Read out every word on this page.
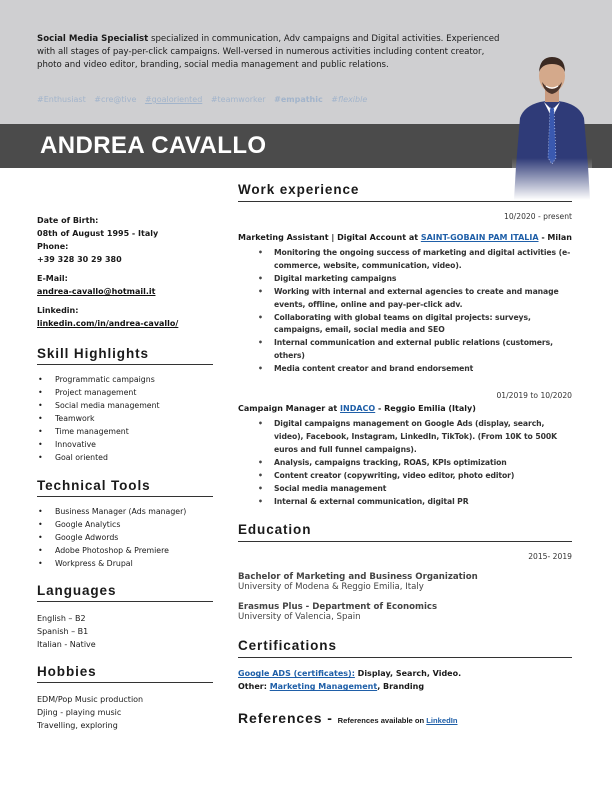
Social Media Specialist specialized in communication, Adv campaigns and Digital activities. Experienced with all stages of pay-per-click campaigns. Well-versed in numerous activities including content creator, photo and video editor, branding, social media management and public relations.
#Enthusiast #cre@tive #goaloriented #teamworker #empathic #flexible
ANDREA CAVALLO
Date of Birth:
08th of August 1995 - Italy
Phone:
+39 328 30 29 380
E-Mail:
andrea-cavallo@hotmail.it
Linkedin:
linkedin.com/in/andrea-cavallo/
Skill Highlights
• Programmatic campaigns
• Project management
• Social media management
• Teamwork
• Time management
• Innovative
• Goal oriented
Technical Tools
• Business Manager (Ads manager)
• Google Analytics
• Google Adwords
• Adobe Photoshop & Premiere
• Workpress & Drupal
Languages
English – B2
Spanish – B1
Italian - Native
Hobbies
EDM/Pop Music production
Djing - playing music
Travelling, exploring
Work experience
10/2020 - present
Marketing Assistant | Digital Account at SAINT-GOBAIN PAM ITALIA - Milan
• Monitoring the ongoing success of marketing and digital activities (e-commerce, website, communication, video).
• Digital marketing campaigns
• Working with internal and external agencies to create and manage events, offline, online and pay-per-click adv.
• Collaborating with global teams on digital projects: surveys, campaigns, email, social media and SEO
• Internal communication and external public relations (customers, others)
• Media content creator and brand endorsement
01/2019 to 10/2020
Campaign Manager at INDACO - Reggio Emilia (Italy)
• Digital campaigns management on Google Ads (display, search, video), Facebook, Instagram, LinkedIn, TikTok). (From 10K to 500K euros and full funnel campaigns).
• Analysis, campaigns tracking, ROAS, KPIs optimization
• Content creator (copywriting, video editor, photo editor)
• Social media management
• Internal & external communication, digital PR
Education
2015- 2019
Bachelor of Marketing and Business Organization
University of Modena & Reggio Emilia, Italy
Erasmus Plus - Department of Economics
University of Valencia, Spain
Certifications
Google ADS (certificates): Display, Search, Video.
Other: Marketing Management, Branding
References - References available on LinkedIn
